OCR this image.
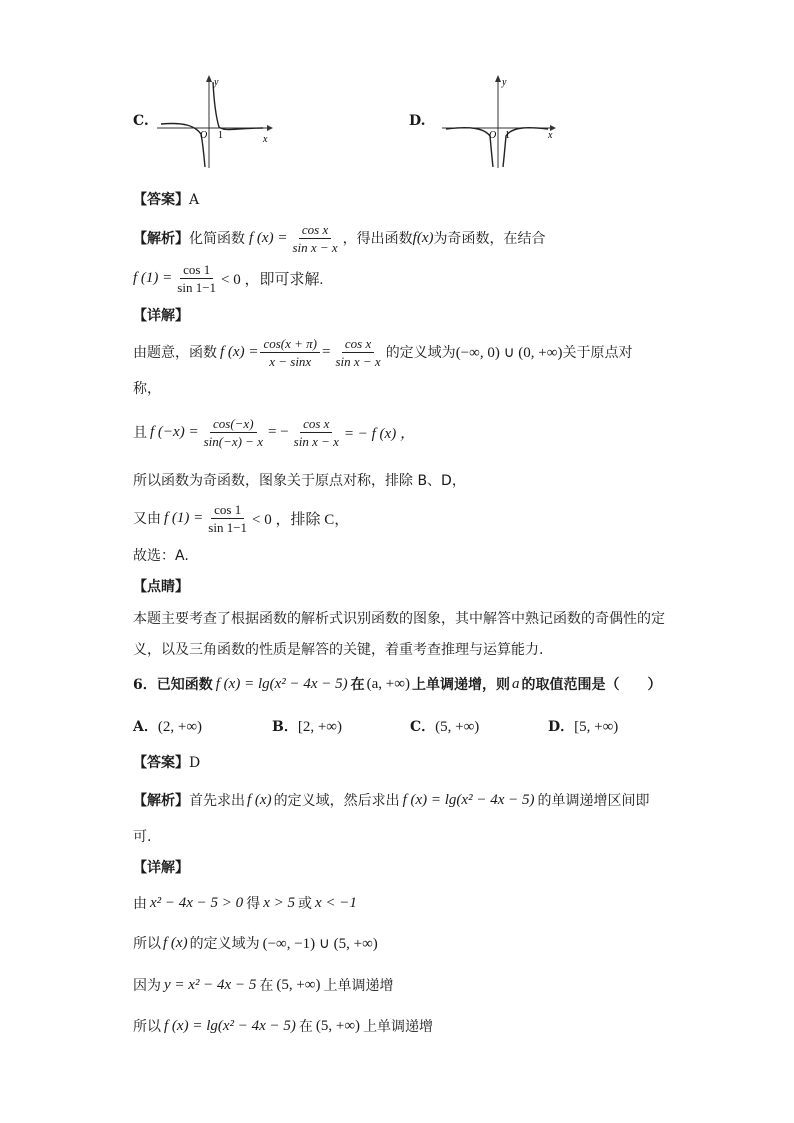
C.
y
x
O 1
D.
y
x
O 1
【答案】A
【解析】 化简函数 f $(x) = \frac{\text{cos x}}{\text{sin x − x}}$ ，得出函数 f(x) 为奇函数，在结合
f $(1) = \frac{\cos 1}{\sin 1-1} < 0$ ，即可求解.
【详解】
由题意，函数 f $(x) = \frac{\cos(x + \pi)}{x - \sin x} = \frac{\text{cos x}}{\text{sin x − x}}$ 的定义域为 (−∞, 0) ∪ (0, +∞) 关于原点对
称，
且 f $(-x) = \frac{\cos(-x)}{\sin(-x) - x}$ = − $\frac{\text{cos x}}{\text{sin x − x}}$ = − f (x) ，
所以函数为奇函数，图象关于原点对称，排除 B、D，
又由 f $(1) = \frac{\cos 1}{\sin 1-1} < 0$ ，排除 C，
故选：A.
【点睛】
本题主要考查了根据函数的解析式识别函数的图象，其中解答中熟记函数的奇偶性的定
义，以及三角函数的性质是解答的关键，着重考查推理与运算能力.
6． 已知函数 f (x) = lg(x² − 4x − 5) 在 (a, +∞) 上单调递增，则 a 的取值范围是（　　）
A．(2, +∞)	B．[2, +∞)	C．(5, +∞)	D．[5, +∞)
【答案】D
【解析】 首先求出 f (x) 的定义域，然后求出 f (x) = lg(x² − 4x − 5) 的单调递增区间即
可.
【详解】
由 x² − 4x − 5 > 0 得 x > 5 或 x < −1
所以 f (x) 的定义域为 (−∞, −1) ∪ (5, +∞)
因为 y = x² − 4x − 5 在 (5, +∞) 上单调递增
所以 f (x) = lg(x² − 4x − 5) 在 (5, +∞) 上单调递增
